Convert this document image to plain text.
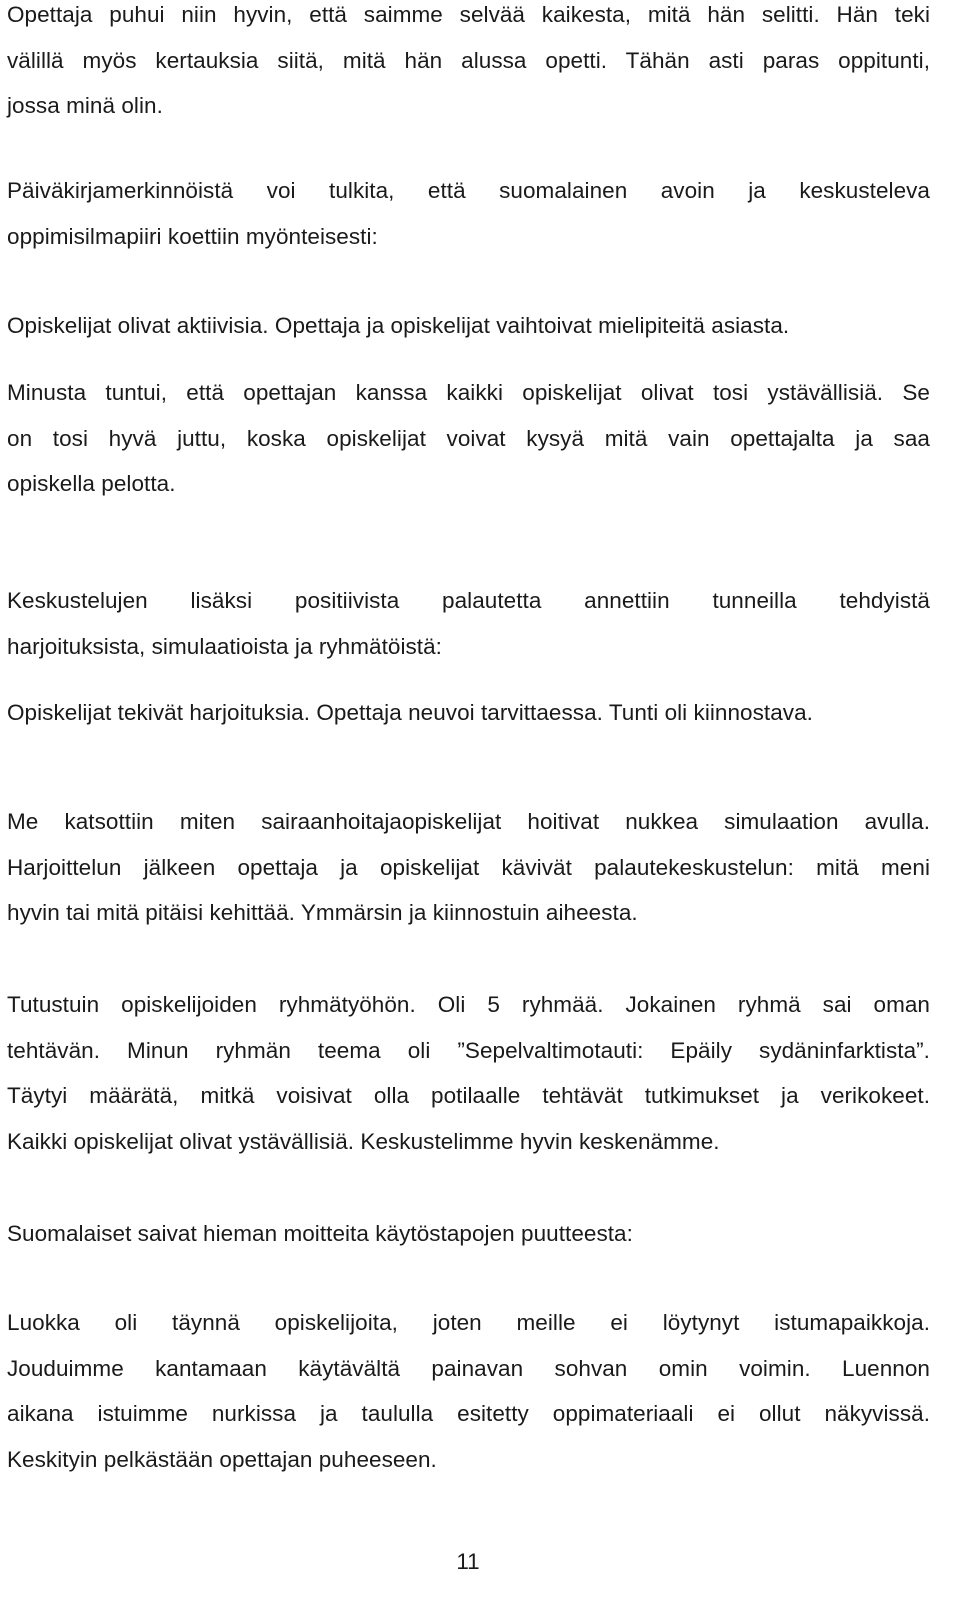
Opettaja puhui niin hyvin, että saimme selvää kaikesta, mitä hän selitti. Hän teki
välillä myös kertauksia siitä, mitä hän alussa opetti. Tähän asti paras oppitunti,
jossa minä olin.

Päiväkirjamerkinnöistä voi tulkita, että suomalainen avoin ja keskusteleva
oppimisilmapiiri koettiin myönteisesti:

Opiskelijat olivat aktiivisia. Opettaja ja opiskelijat vaihtoivat mielipiteitä asiasta.

Minusta tuntui, että opettajan kanssa kaikki opiskelijat olivat tosi ystävällisiä. Se
on tosi hyvä juttu, koska opiskelijat voivat kysyä mitä vain opettajalta ja saa
opiskella pelotta.

Keskustelujen lisäksi positiivista palautetta annettiin tunneilla tehdyistä
harjoituksista, simulaatioista ja ryhmätöistä:

Opiskelijat tekivät harjoituksia. Opettaja neuvoi tarvittaessa. Tunti oli kiinnostava.

Me katsottiin miten sairaanhoitajaopiskelijat hoitivat nukkea simulaation avulla.
Harjoittelun jälkeen opettaja ja opiskelijat kävivät palautekeskustelun: mitä meni
hyvin tai mitä pitäisi kehittää. Ymmärsin ja kiinnostuin aiheesta.

Tutustuin opiskelijoiden ryhmätyöhön. Oli 5 ryhmää. Jokainen ryhmä sai oman
tehtävän. Minun ryhmän teema oli ”Sepelvaltimotauti: Epäily sydäninfarktista”.
Täytyi määrätä, mitkä voisivat olla potilaalle tehtävät tutkimukset ja verikokeet.
Kaikki opiskelijat olivat ystävällisiä. Keskustelimme hyvin keskenämme.

Suomalaiset saivat hieman moitteita käytöstapojen puutteesta:

Luokka oli täynnä opiskelijoita, joten meille ei löytynyt istumapaikkoja.
Jouduimme kantamaan käytävältä painavan sohvan omin voimin. Luennon
aikana istuimme nurkissa ja taululla esitetty oppimateriaali ei ollut näkyvissä.
Keskityin pelkästään opettajan puheeseen.

11
